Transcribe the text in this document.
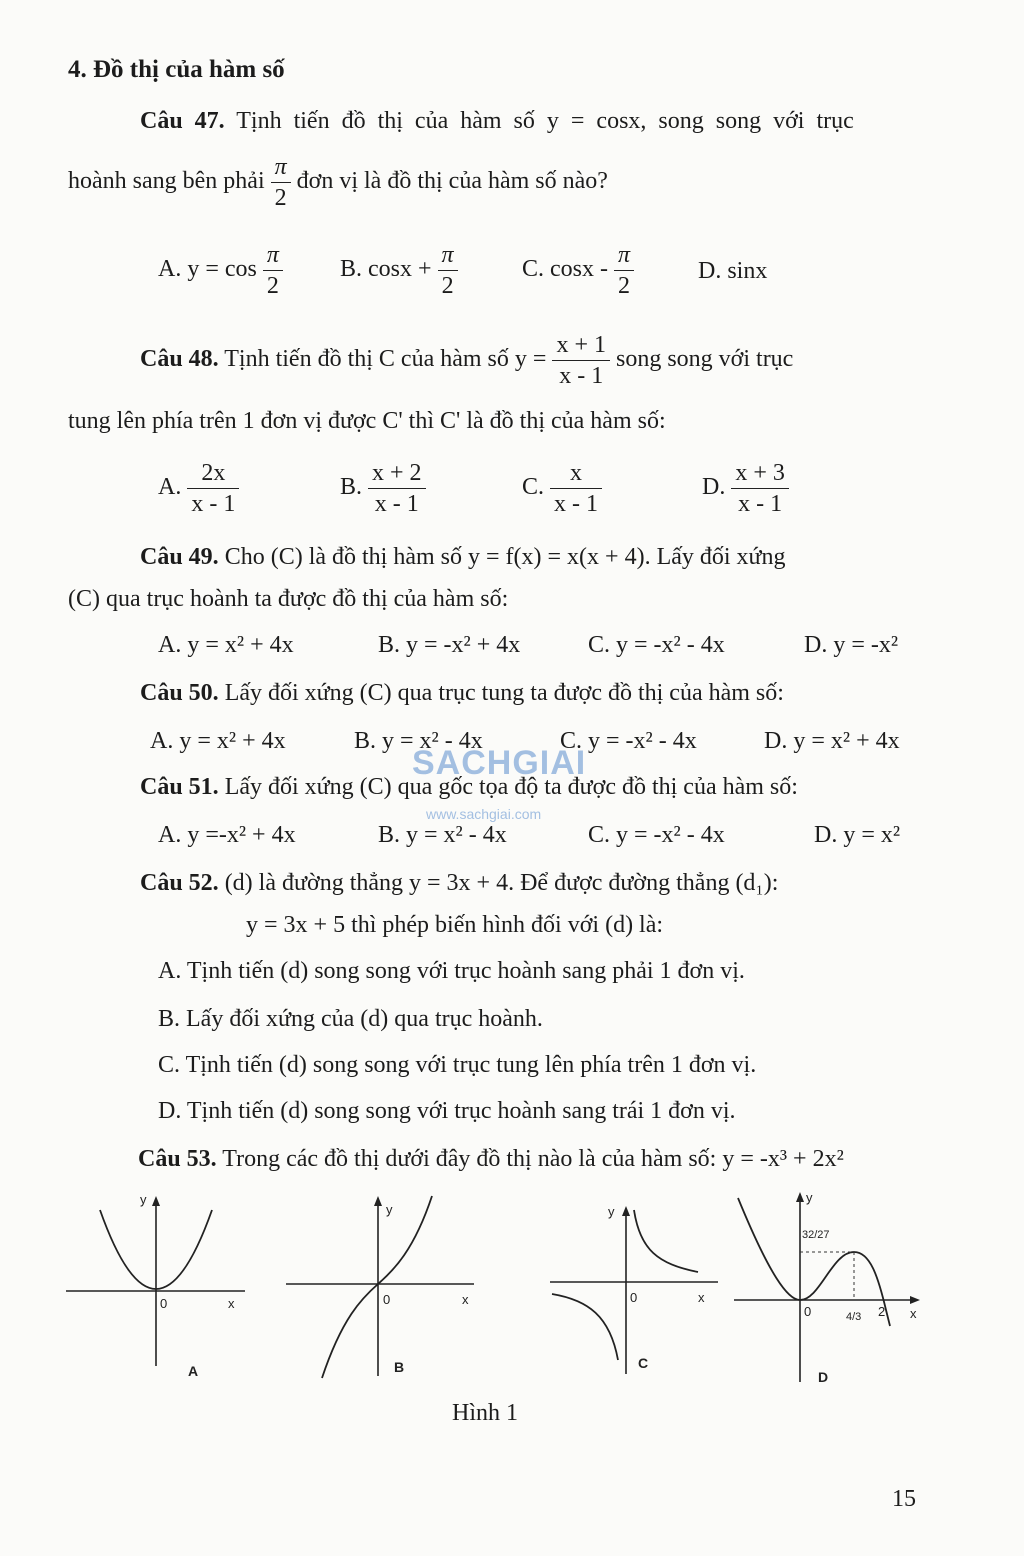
4. Đồ thị của hàm số
Câu 47. Tịnh tiến đồ thị của hàm số y = cosx, song song với trục
hoành sang bên phải $\frac{\pi}{2}$ đơn vị là đồ thị của hàm số nào?
A. $y = \cos \frac{\pi}{2} B$. $\cos x + \frac{\pi}{2}$	C. cosx - $\frac{\pi}{2}$	D. sinx
Câu 48. Tịnh tiến đồ thị C của hàm số $y = \frac{x + 1}{x - 1}$ song song với trục
tung lên phía trên 1 đơn vị được C' thì C' là đồ thị của hàm số:
A. $\frac{2x}{x - 1}$	B. $\frac{x + 2}{x - 1}$	C. $\frac{x}{x - 1}$	D. $\frac{x + 3}{x - 1}$
Câu 49. Cho (C) là đồ thị hàm số y = f(x) = x(x + 4). Lấy đối xứng
(C) qua trục hoành ta được đồ thị của hàm số:
A. y = x² + 4x	B. y = -x² + 4x	C. y = -x² - 4x	D. y = -x²
Câu 50. Lấy đối xứng (C) qua trục tung ta được đồ thị của hàm số:
A. y = x² + 4x	B. y = x² - 4x	C. y = -x² - 4x	D. y = x² + 4x
SACHGIAI
www.sachgiai.com
Câu 51. Lấy đối xứng (C) qua gốc tọa độ ta được đồ thị của hàm số:
A. y =-x² + 4x	B. y = x² - 4x	C. y = -x² - 4x	D. y = x²
Câu 52. (d) là đường thẳng y = 3x + 4. Để được đường thẳng (d₁):
y = 3x + 5 thì phép biến hình đối với (d) là:
A. Tịnh tiến (d) song song với trục hoành sang phải 1 đơn vị.
B. Lấy đối xứng của (d) qua trục hoành.
C. Tịnh tiến (d) song song với trục tung lên phía trên 1 đơn vị.
D. Tịnh tiến (d) song song với trục hoành sang trái 1 đơn vị.
Câu 53. Trong các đồ thị dưới đây đồ thị nào là của hàm số: y = -x³ + 2x²
y
0	x
A
y
0	x
B
y
0	x
C
y
32/27
0	4/3 2 x
D
Hình 1
15
